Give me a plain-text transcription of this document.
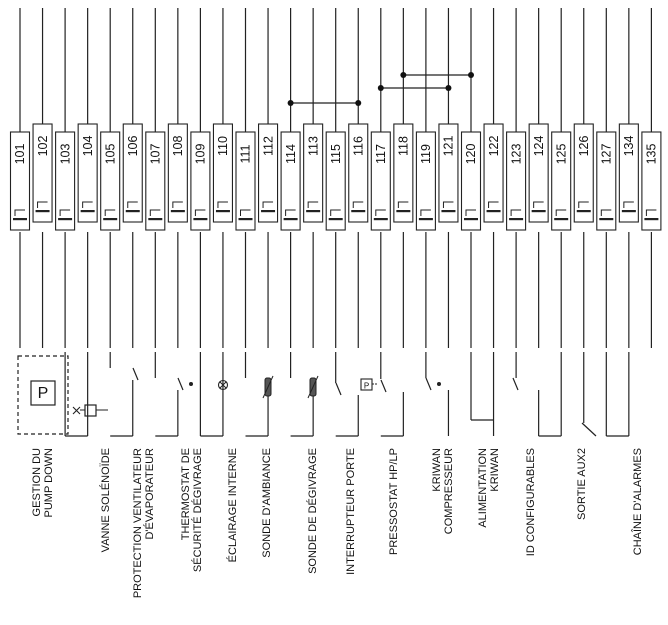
101 102 103 104 105 106 107 108 109 110 111 112 114 113 115 116 117 118 119 121 120 122 123 124 125 126 127 134 135
P	P
GESTION DU PUMP DOWN	VANNE SOLÉNOÏDE PROTECTION VENTILATEUR D'ÉVAPORATEUR THERMOSTAT DE SÉCURITÉ DÉGIVRAGE ÉCLAIRAGE INTERNE SONDE D'AMBIANCE	SONDE DE DÉGIVRAGE INTERRUPTEUR PORTE	PRESSOSTAT HP/LP	KRIWAN COMPRESSEUR ALIMENTATION KRIWAN ID CONFIGURABLES	SORTIE AUX2	CHAÎNE D'ALARMES
